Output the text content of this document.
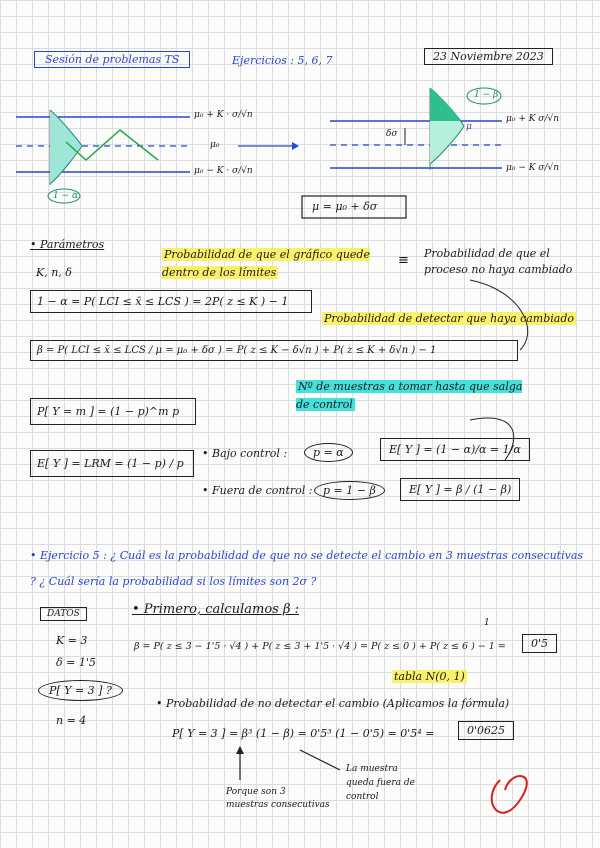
Sesión de problemas TS	Ejercicios : 5, 6, 7	23 Noviembre 2023
μ₀ + K · σ/√n
μ₀
μ₀ − K · σ/√n
1 − α
1 − β
δσ
μ
μ₀ + K σ/√n
μ₀ − K σ/√n
μ = μ₀ + δσ
• Parámetros
K, n, δ
Probabilidad de que el gráfico quede dentro de los límites
≡ Probabilidad de que el proceso no haya cambiado
1 − α = P( LCI ≤ x̄ ≤ LCS ) = 2P( z ≤ K ) − 1
Probabilidad de detectar que haya cambiado
β = P( LCI ≤ x̄ ≤ LCS / μ = μ₀ + δσ ) = P( z ≤ K − δ√n ) + P( z ≤ K + δ√n ) − 1
Nº de muestras a tomar hasta que salga de control
P[ Y = m ] = (1 − p)^m p
E[ Y ] = LRM = (1 − p) / p
• Bajo control :	p = α	E[ Y ] = (1 − α)/α = 1/α
• Fuera de control : p = 1 − β	E[ Y ] = β / (1 − β)
• Ejercicio 5 : ¿ Cuál es la probabilidad de que no se detecte el cambio en 3 muestras consecutivas ? ¿ Cuál sería la probabilidad si los límites son 2σ ?
DATOS
K = 3
δ = 1'5
P[ Y = 3 ] ?
n = 4
• Primero, calculamos β :
1
β = P( z ≤ 3 − 1'5 · √4 ) + P( z ≤ 3 + 1'5 · √4 ) = P( z ≤ 0 ) + P( z ≤ 6 ) − 1 =	0'5
tabla N(0, 1)
• Probabilidad de no detectar el cambio (Aplicamos la fórmula)
P[ Y = 3 ] = β³ (1 − β) = 0'5³ (1 − 0'5) = 0'5⁴ =	0'0625
Porque son 3 muestras consecutivas
La muestra queda fuera de control
